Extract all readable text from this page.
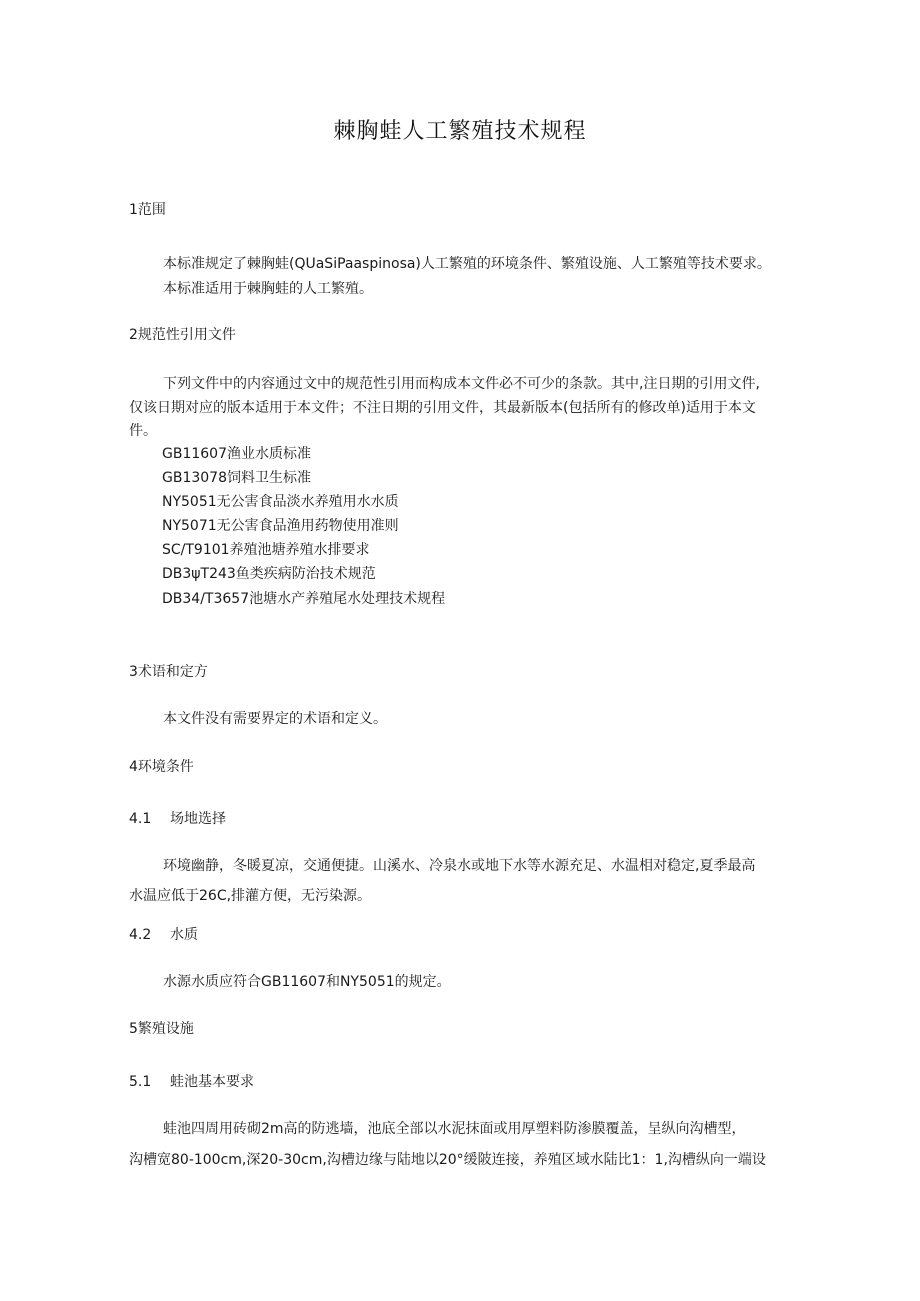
棘胸蛙人工繁殖技术规程
1范围
本标准规定了棘胸蛙(QUaSiPaaspinosa)人工繁殖的环境条件、繁殖设施、人工繁殖等技术要求。
本标准适用于棘胸蛙的人工繁殖。
2规范性引用文件
下列文件中的内容通过文中的规范性引用而构成本文件必不可少的条款。其中,注日期的引用文件,
仅该日期对应的版本适用于本文件；不注日期的引用文件，其最新版本(包括所有的修改单)适用于本文
件。
GB11607渔业水质标准
GB13078饲料卫生标准
NY5051无公害食品淡水养殖用水水质
NY5071无公害食品渔用药物使用准则
SC/T9101养殖池塘养殖水排要求
DB3ψT243鱼类疾病防治技术规范
DB34/T3657池塘水产养殖尾水处理技术规程
3术语和定方
本文件没有需要界定的术语和定义。
4环境条件
4.1 场地选择
环境幽静，冬暖夏凉，交通便捷。山溪水、冷泉水或地下水等水源充足、水温相对稳定,夏季最高
水温应低于26C,排灌方便，无污染源。
4.2 水质
水源水质应符合GB11607和NY5051的规定。
5繁殖设施
5.1 蛙池基本要求
蛙池四周用砖砌2m高的防逃墙，池底全部以水泥抹面或用厚塑料防渗膜覆盖，呈纵向沟槽型，
沟槽宽80-100cm,深20-30cm,沟槽边缘与陆地以20°缓陂连接，养殖区域水陆比1：1,沟槽纵向一端设
